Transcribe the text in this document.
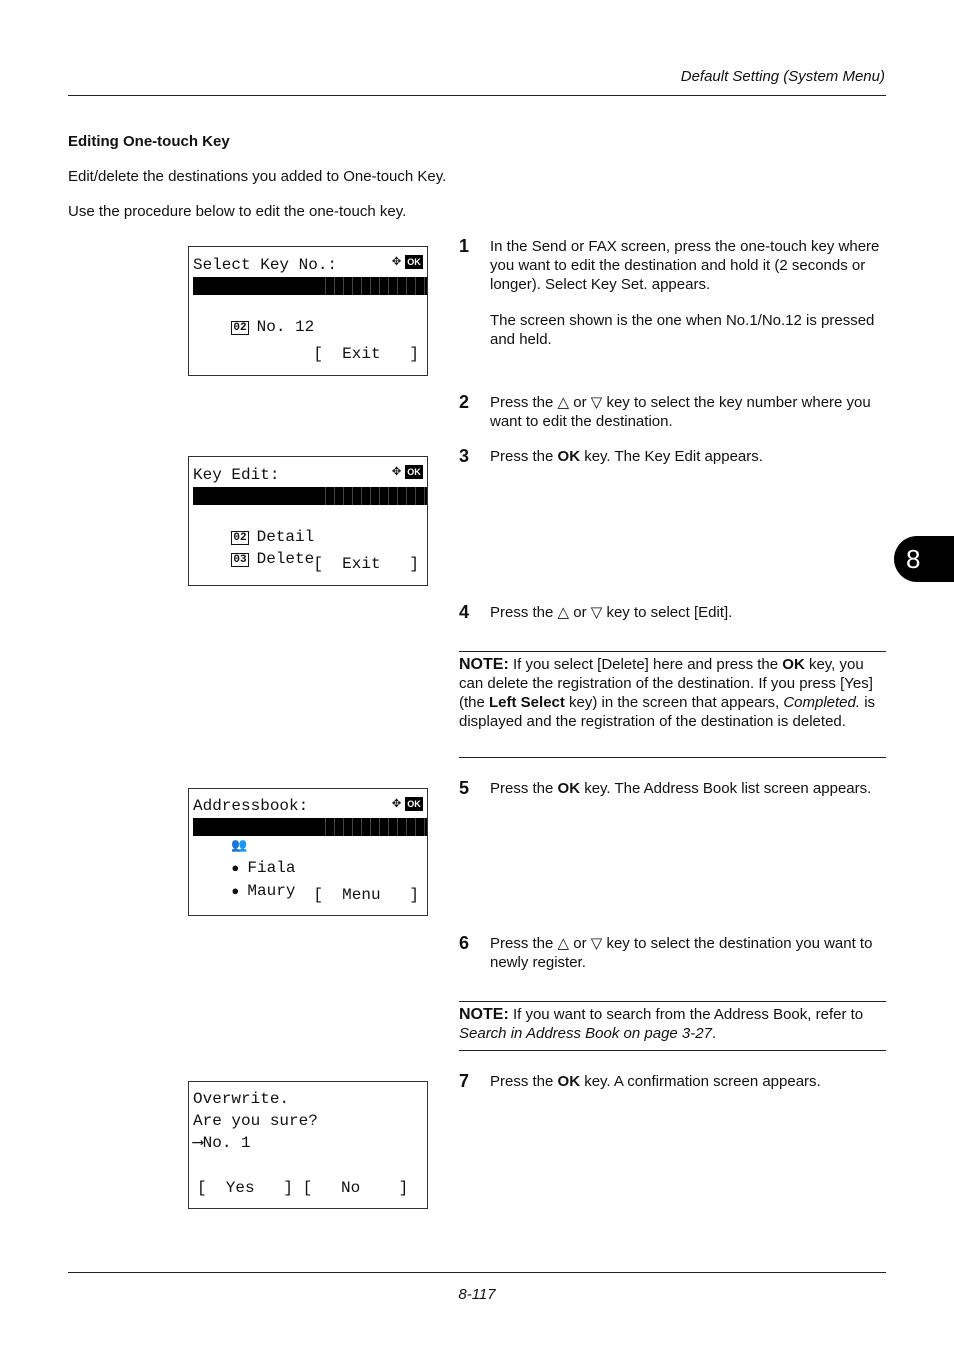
Default Setting (System Menu)
Editing One-touch Key
Edit/delete the destinations you added to One-touch Key.
Use the procedure below to edit the one-touch key.
Select Key No.:	✥ OK

01 No. 1

02 No. 12

[  Exit   ]
Key Edit:	✥ OK

01 Edit

02 Detail

03 Delete
[  Exit   ]
Addressbook:	✥ OK

👥 Design

● Fiala

● Maury
	[  Menu   ]
Overwrite.
Are you sure?
⟶No. 1
[  Yes   ] [   No    ]
1 In the Send or FAX screen, press the one-touch key where you want to edit the destination and hold it (2 seconds or longer). Select Key Set. appears.
The screen shown is the one when No.1/No.12 is pressed and held.
2 Press the △ or ▽ key to select the key number where you want to edit the destination.
3 Press the OK key. The Key Edit appears.
4 Press the △ or ▽ key to select [Edit].
NOTE: If you select [Delete] here and press the OK key, you can delete the registration of the destination. If you press [Yes] (the Left Select key) in the screen that appears, Completed. is displayed and the registration of the destination is deleted.
5 Press the OK key. The Address Book list screen appears.
6 Press the △ or ▽ key to select the destination you want to newly register.
NOTE: If you want to search from the Address Book, refer to Search in Address Book on page 3-27.
7 Press the OK key. A confirmation screen appears.
8
8-117
